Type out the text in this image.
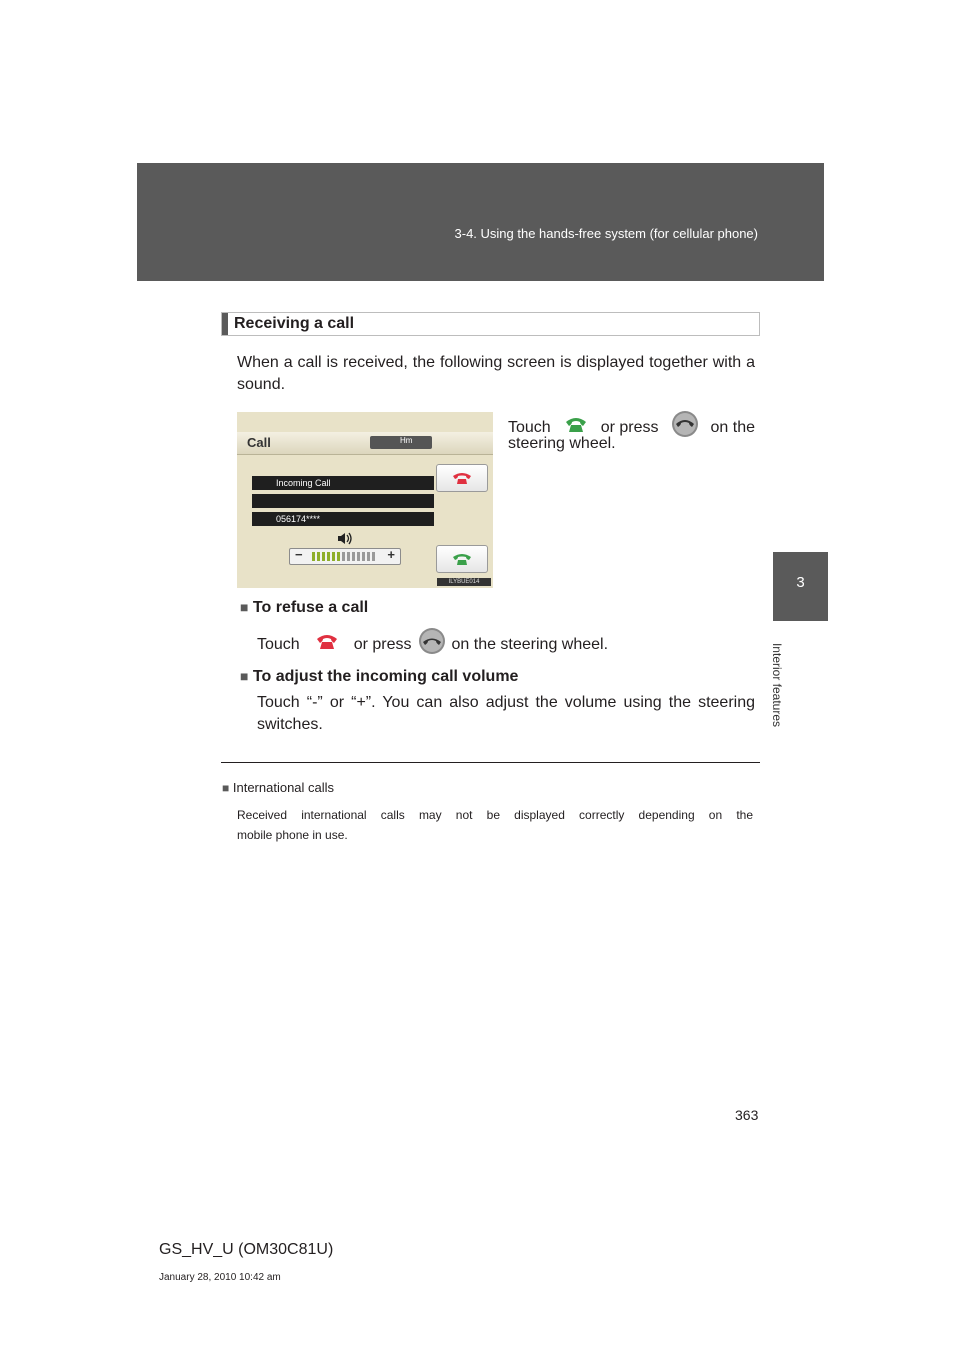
3-4. Using the hands-free system (for cellular phone)
3
Interior features
Receiving a call
When a call is received, the following screen is displayed together with a
sound.
Touch	or press	on the
steering wheel.
Call	Hm
Incoming Call
056174****
−	+
ILYBUE014
■ To refuse a call
Touch	or press	on the steering wheel.
■ To adjust the incoming call volume
Touch “-” or “+”. You can also adjust the volume using the steering
switches.
■ International calls
Received international calls may not be displayed correctly depending on the
mobile phone in use.
363
GS_HV_U (OM30C81U)
January 28, 2010 10:42 am
